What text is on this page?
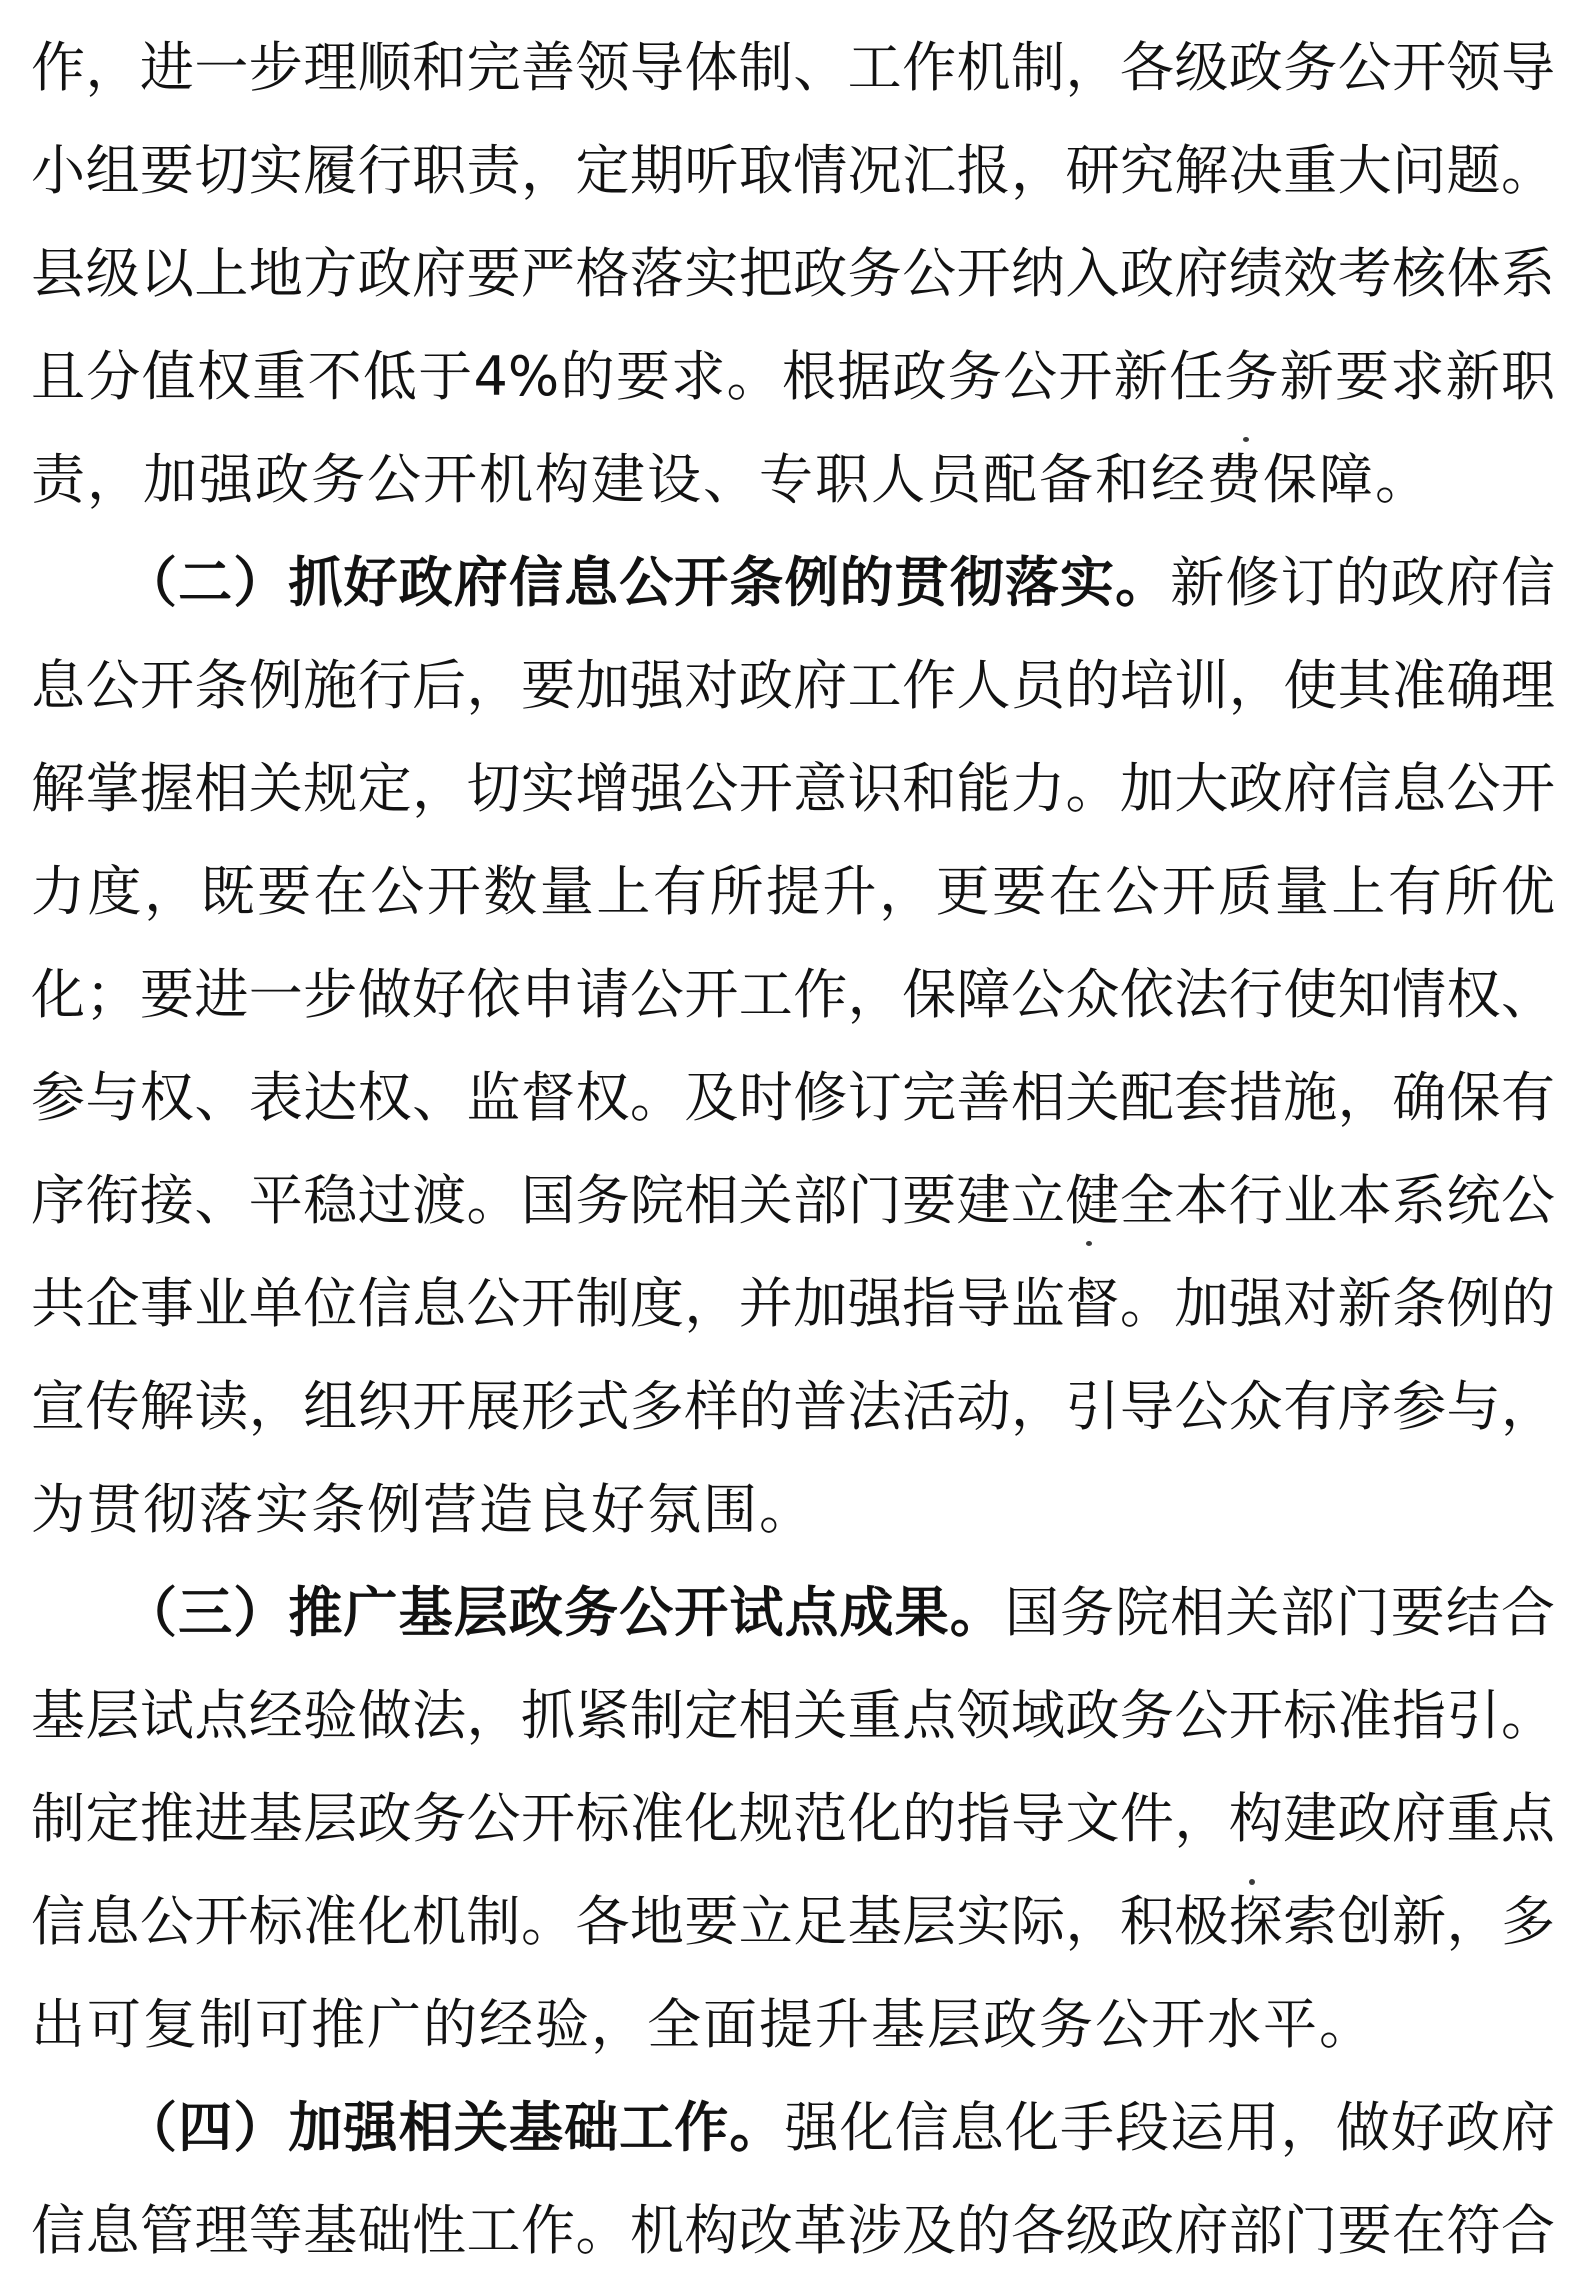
作，进一步理顺和完善领导体制、工作机制，各级政务公开领导
小组要切实履行职责，定期听取情况汇报，研究解决重大问题。
县级以上地方政府要严格落实把政务公开纳入政府绩效考核体系
且分值权重不低于4%的要求。根据政务公开新任务新要求新职
责，加强政务公开机构建设、专职人员配备和经费保障。
（二）抓好政府信息公开条例的贯彻落实。新修订的政府信
息公开条例施行后，要加强对政府工作人员的培训，使其准确理
解掌握相关规定，切实增强公开意识和能力。加大政府信息公开
力度，既要在公开数量上有所提升，更要在公开质量上有所优
化；要进一步做好依申请公开工作，保障公众依法行使知情权、
参与权、表达权、监督权。及时修订完善相关配套措施，确保有
序衔接、平稳过渡。国务院相关部门要建立健全本行业本系统公
共企事业单位信息公开制度，并加强指导监督。加强对新条例的
宣传解读，组织开展形式多样的普法活动，引导公众有序参与，
为贯彻落实条例营造良好氛围。
（三）推广基层政务公开试点成果。国务院相关部门要结合
基层试点经验做法，抓紧制定相关重点领域政务公开标准指引。
制定推进基层政务公开标准化规范化的指导文件，构建政府重点
信息公开标准化机制。各地要立足基层实际，积极探索创新，多
出可复制可推广的经验，全面提升基层政务公开水平。
（四）加强相关基础工作。强化信息化手段运用，做好政府
信息管理等基础性工作。机构改革涉及的各级政府部门要在符合
